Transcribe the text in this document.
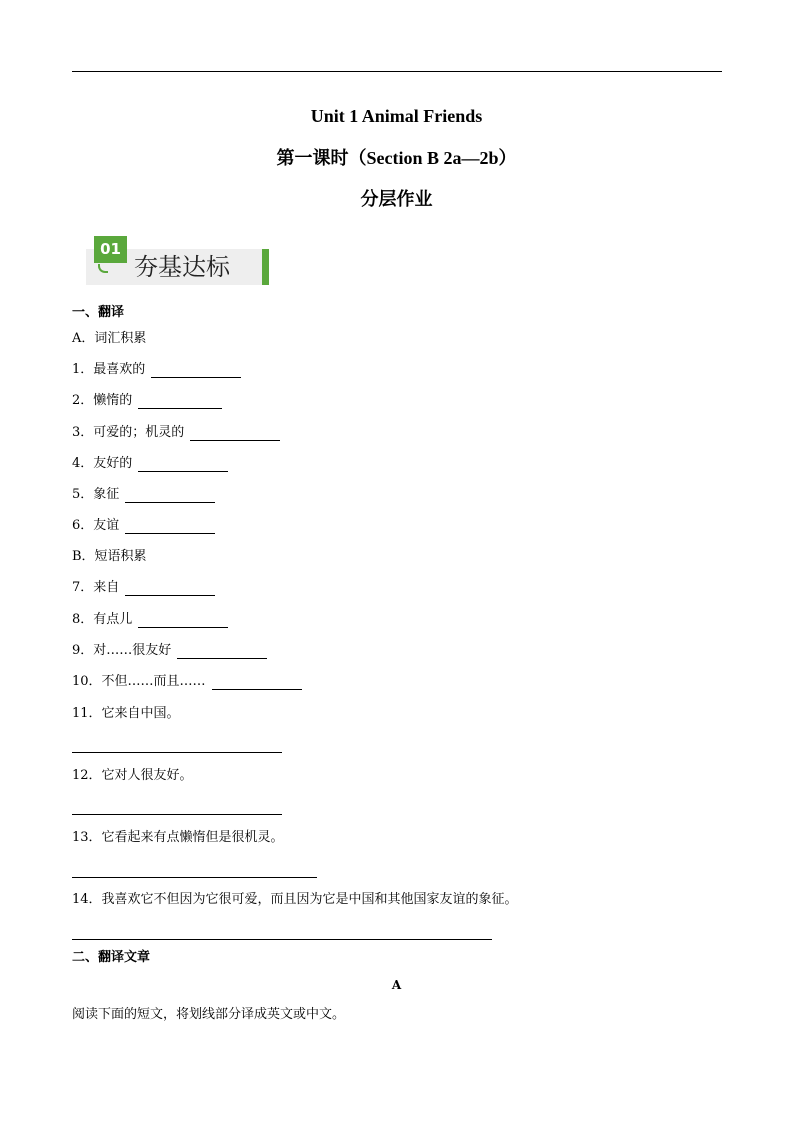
Unit 1 Animal Friends
第一课时（Section B 2a—2b）
分层作业
01
夯基达标
一、翻译
A．词汇积累
1．最喜欢的
2．懒惰的
3．可爱的；机灵的
4．友好的
5．象征
6．友谊
B．短语积累
7．来自
8．有点儿
9．对……很友好
10．不但……而且……
11．它来自中国。
12．它对人很友好。
13．它看起来有点懒惰但是很机灵。
14．我喜欢它不但因为它很可爱，而且因为它是中国和其他国家友谊的象征。
二、翻译文章
A
阅读下面的短文，将划线部分译成英文或中文。
